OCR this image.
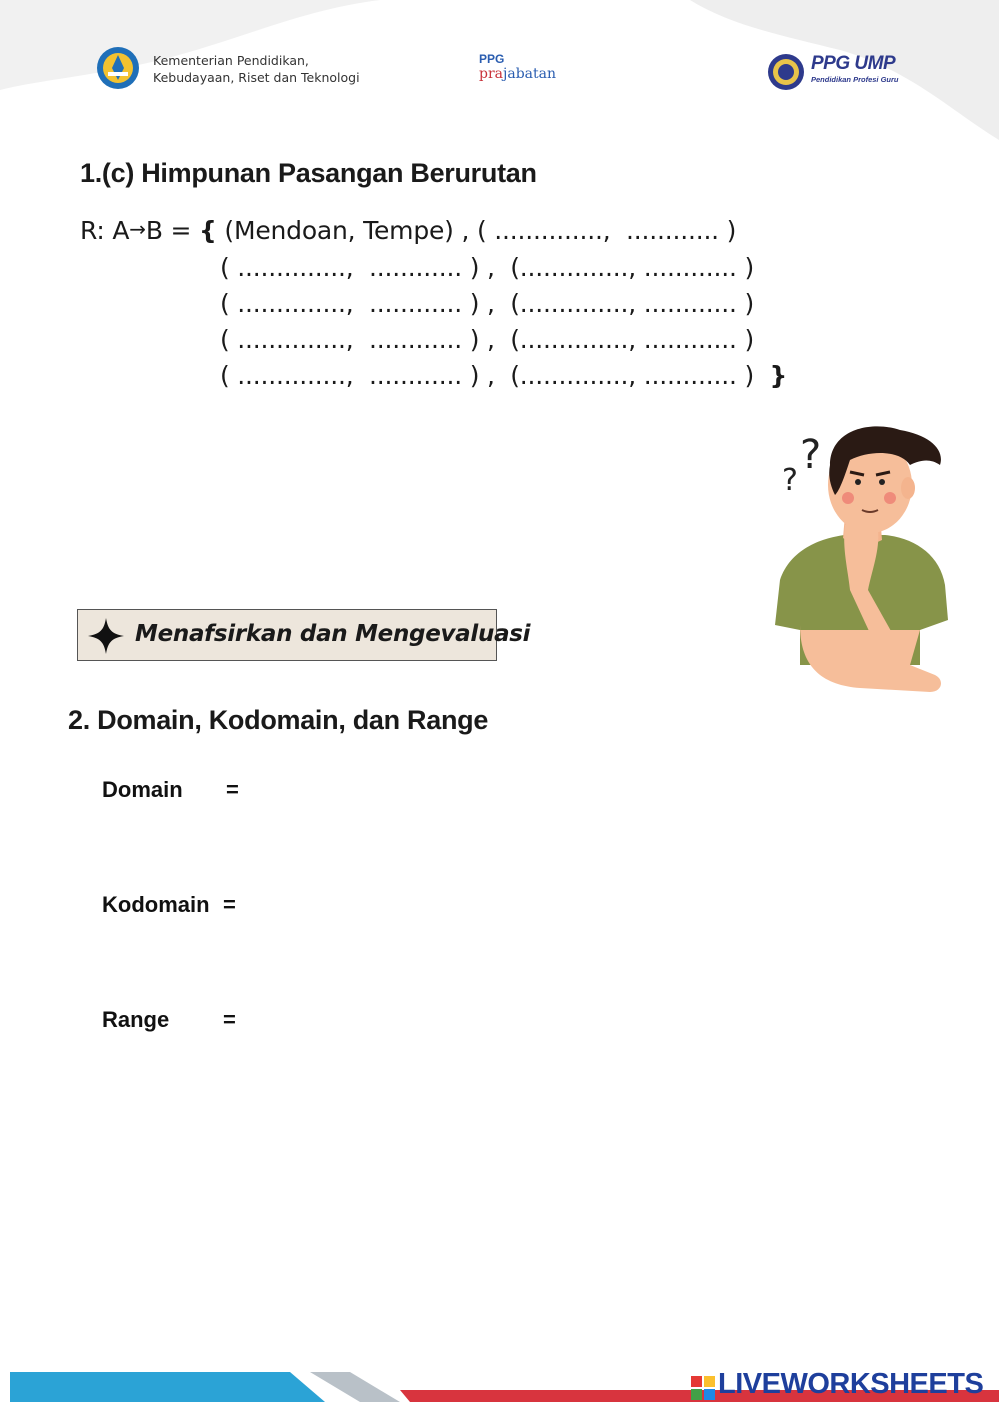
Kementerian Pendidikan,
Kebudayaan, Riset dan Teknologi
PPG
prajabatan	PPG UMP
Pendidikan Profesi Guru
1.(c) Himpunan Pasangan Berurutan
R: A→B = { (Mendoan, Tempe) , ( ..............,  ............ )
( ..............,  ............ ) ,  (.............., ............ )
( ..............,  ............ ) ,  (.............., ............ )
( ..............,  ............ ) ,  (.............., ............ )
( ..............,  ............ ) ,  (.............., ............ ) }
?
?
Menafsirkan dan Mengevaluasi
2. Domain, Kodomain, dan Range
Domain =
Kodomain =
Range =
LIVEWORKSHEETS
